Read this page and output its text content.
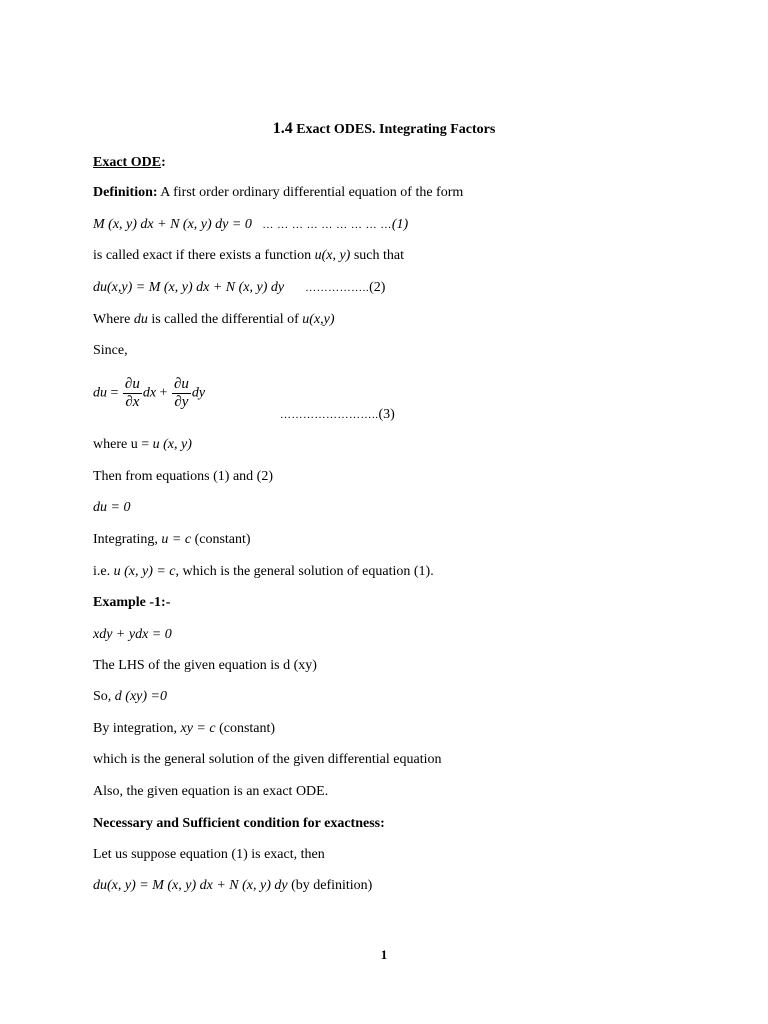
1.4 Exact ODES. Integrating Factors
Exact ODE:
Definition: A first order ordinary differential equation of the form
M (x, y) dx + N (x, y) dy = 0 … … … … … … … … …(1)
is called exact if there exists a function u(x, y) such that
du(x,y) = M (x, y) dx + N (x, y) dy ……………..(2)
Where du is called the differential of u(x,y)
Since,
du = $\frac{\partial u}{\partial x}$ dx + $\frac{\partial u}{\partial y}$ dy
……………………..(3)
where u = u (x, y)
Then from equations (1) and (2)
du = 0
Integrating, u = c (constant)
i.e. u (x, y) = c, which is the general solution of equation (1).
Example -1:-
xdy + ydx = 0
The LHS of the given equation is d (xy)
So, d (xy) =0
By integration, xy = c (constant)
which is the general solution of the given differential equation
Also, the given equation is an exact ODE.
Necessary and Sufficient condition for exactness:
Let us suppose equation (1) is exact, then
du(x, y) = M (x, y) dx + N (x, y) dy (by definition)
1
